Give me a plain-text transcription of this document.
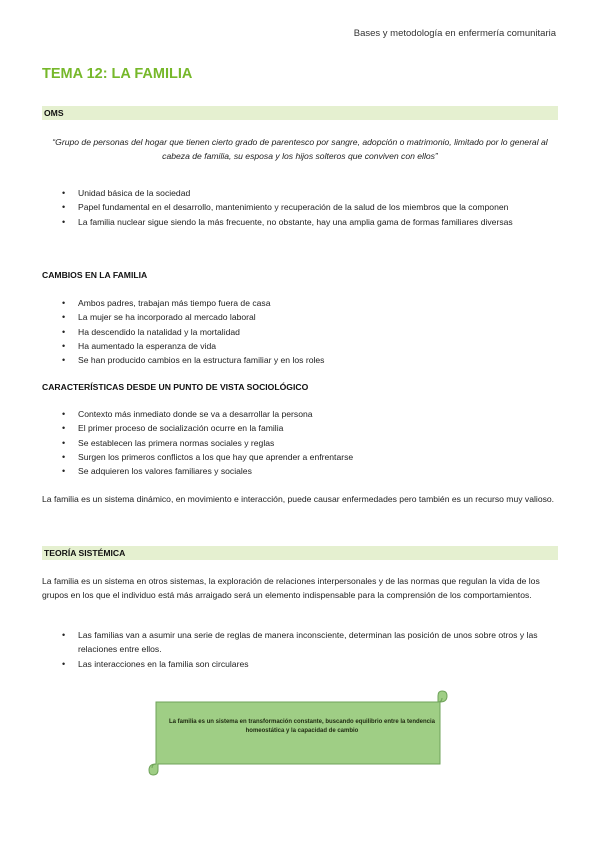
Bases y metodología en enfermería comunitaria
TEMA 12: LA FAMILIA
OMS
“Grupo de personas del hogar que tienen cierto grado de parentesco por sangre, adopción o matrimonio, limitado por lo general al cabeza de familia, su esposa y los hijos solteros que conviven con ellos”
• Unidad básica de la sociedad
• Papel fundamental en el desarrollo, mantenimiento y recuperación de la salud de los miembros que la componen
• La familia nuclear sigue siendo la más frecuente, no obstante, hay una amplia gama de formas familiares diversas
CAMBIOS EN LA FAMILIA
• Ambos padres, trabajan más tiempo fuera de casa
• La mujer se ha incorporado al mercado laboral
• Ha descendido la natalidad y la mortalidad
• Ha aumentado la esperanza de vida
• Se han producido cambios en la estructura familiar y en los roles
CARACTERÍSTICAS DESDE UN PUNTO DE VISTA SOCIOLÓGICO
• Contexto más inmediato donde se va a desarrollar la persona
• El primer proceso de socialización ocurre en la familia
• Se establecen las primera normas sociales y reglas
• Surgen los primeros conflictos a los que hay que aprender a enfrentarse
• Se adquieren los valores familiares y sociales
La familia es un sistema dinámico, en movimiento e interacción, puede causar enfermedades pero también es un recurso muy valioso.
TEORÍA SISTÉMICA
La familia es un sistema en otros sistemas, la exploración de relaciones interpersonales y de las normas que regulan la vida de los grupos en los que el individuo está más arraigado será un elemento indispensable para la comprensión de los comportamientos.
• Las familias van a asumir una serie de reglas de manera inconsciente, determinan las posición de unos sobre otros y las relaciones entre ellos.
• Las interacciones en la familia son circulares
La familia es un sistema en transformación constante, buscando equilibrio entre la tendencia homeostática y la capacidad de cambio
